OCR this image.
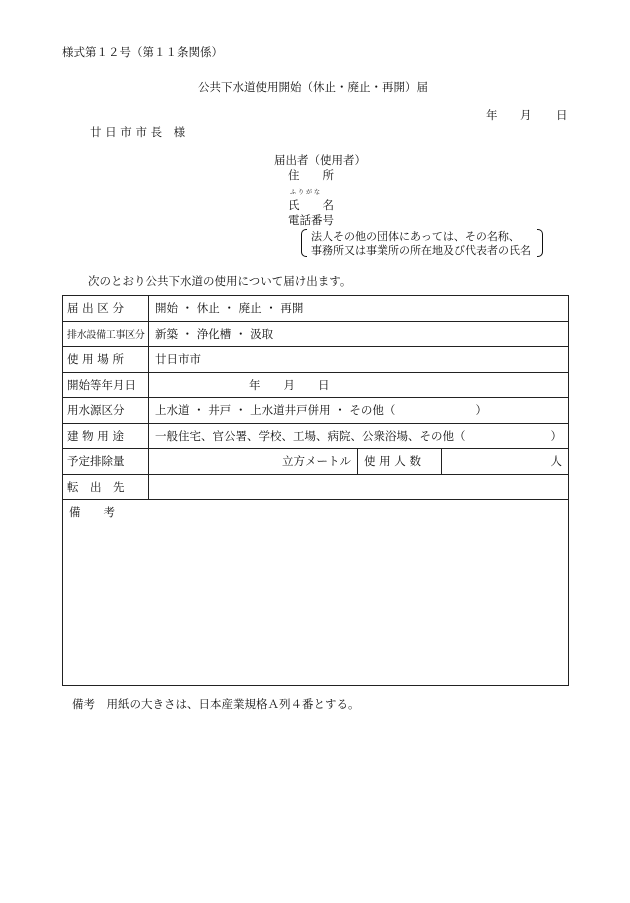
様式第１２号（第１１条関係）
公共下水道使用開始（休止・廃止・再開）届
年 月 日
廿 日 市 市 長　様
届出者（使用者）
住　　所
ふりがな
氏　　名
電話番号
法人その他の団体にあっては、その名称、
事務所又は事業所の所在地及び代表者の氏名
次のとおり公共下水道の使用について届け出ます。
届 出 区 分	開始 ・ 休止 ・ 廃止 ・ 再開		
排水設備工事区分	新築 ・ 浄化槽 ・ 汲取		
使 用 場 所	廿日市市		
開始等年月日	年　　月　　日		
用水源区分	上水道 ・ 井戸 ・ 上水道井戸併用 ・ その他（ ）		
建 物 用 途	一般住宅、官公署、学校、工場、病院、公衆浴場、その他（ ）		

予定排除量	立方メートル	使 用 人 数	人
転　出　先			
備　　考			
備考　用紙の大きさは、日本産業規格Ａ列４番とする。
